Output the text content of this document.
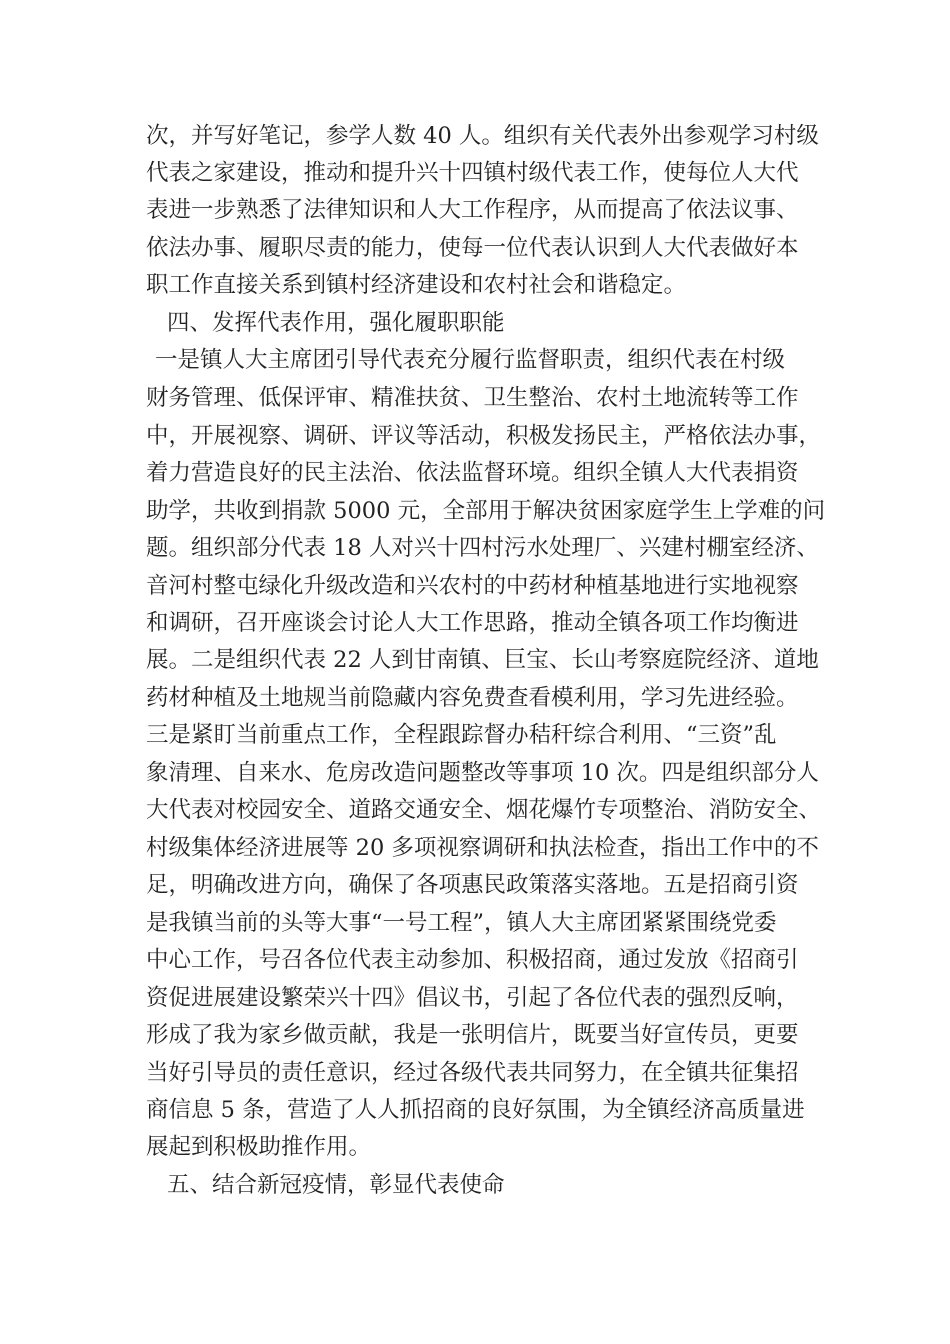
次，并写好笔记，参学人数 40 人。组织有关代表外出参观学习村级
代表之家建设，推动和提升兴十四镇村级代表工作，使每位人大代
表进一步熟悉了法律知识和人大工作程序，从而提高了依法议事、
依法办事、履职尽责的能力，使每一位代表认识到人大代表做好本
职工作直接关系到镇村经济建设和农村社会和谐稳定。
四、发挥代表作用，强化履职职能
一是镇人大主席团引导代表充分履行监督职责，组织代表在村级
财务管理、低保评审、精准扶贫、卫生整治、农村土地流转等工作
中，开展视察、调研、评议等活动，积极发扬民主，严格依法办事，
着力营造良好的民主法治、依法监督环境。组织全镇人大代表捐资
助学，共收到捐款 5000 元，全部用于解决贫困家庭学生上学难的问
题。组织部分代表 18 人对兴十四村污水处理厂、兴建村棚室经济、
音河村整屯绿化升级改造和兴农村的中药材种植基地进行实地视察
和调研，召开座谈会讨论人大工作思路，推动全镇各项工作均衡进
展。二是组织代表 22 人到甘南镇、巨宝、长山考察庭院经济、道地
药材种植及土地规当前隐藏内容免费查看模利用，学习先进经验。
三是紧盯当前重点工作，全程跟踪督办秸秆综合利用、“三资”乱
象清理、自来水、危房改造问题整改等事项 10 次。四是组织部分人
大代表对校园安全、道路交通安全、烟花爆竹专项整治、消防安全、
村级集体经济进展等 20 多项视察调研和执法检查，指出工作中的不
足，明确改进方向，确保了各项惠民政策落实落地。五是招商引资
是我镇当前的头等大事“一号工程”，镇人大主席团紧紧围绕党委
中心工作，号召各位代表主动参加、积极招商，通过发放《招商引
资促进展建设繁荣兴十四》倡议书，引起了各位代表的强烈反响，
形成了我为家乡做贡献，我是一张明信片，既要当好宣传员，更要
当好引导员的责任意识，经过各级代表共同努力，在全镇共征集招
商信息 5 条，营造了人人抓招商的良好氛围，为全镇经济高质量进
展起到积极助推作用。
五、结合新冠疫情，彰显代表使命
